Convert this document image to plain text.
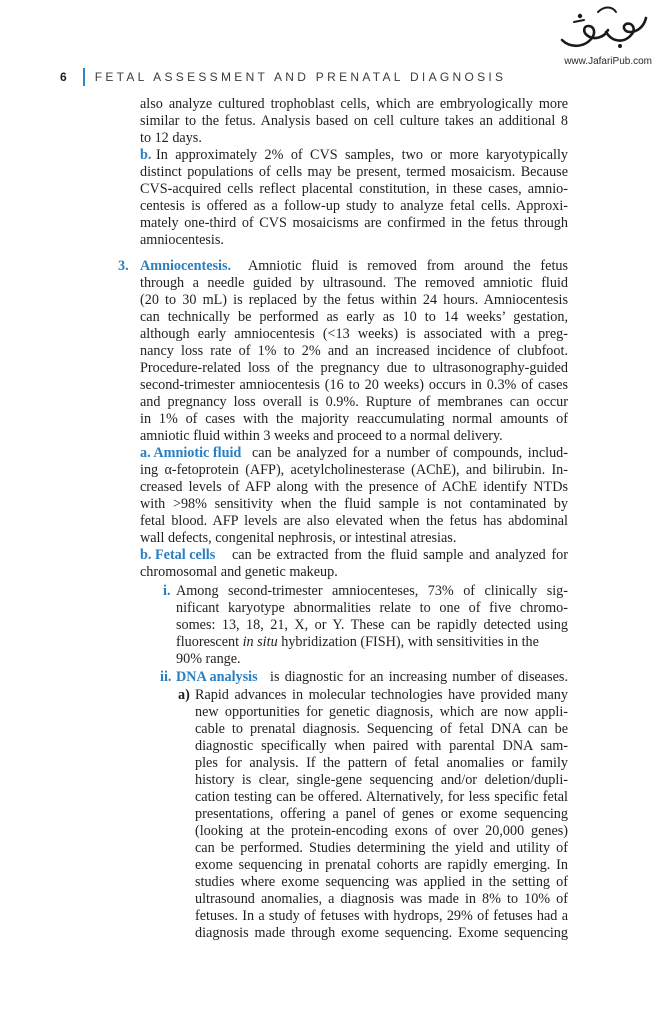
www.JafariPub.com
6 FETAL ASSESSMENT AND PRENATAL DIAGNOSIS
also analyze cultured trophoblast cells, which are embryologically more
similar to the fetus. Analysis based on cell culture takes an additional 8
to 12 days.
b. In approximately 2% of CVS samples, two or more karyotypically
distinct populations of cells may be present, termed mosaicism. Because
CVS-acquired cells reflect placental constitution, in these cases, amnio-
centesis is offered as a follow-up study to analyze fetal cells. Approxi-
mately one-third of CVS mosaicisms are confirmed in the fetus through
amniocentesis.
3. Amniocentesis. Amniotic fluid is removed from around the fetus
through a needle guided by ultrasound. The removed amniotic fluid
(20 to 30 mL) is replaced by the fetus within 24 hours. Amniocentesis
can technically be performed as early as 10 to 14 weeks’ gestation,
although early amniocentesis (<13 weeks) is associated with a preg-
nancy loss rate of 1% to 2% and an increased incidence of clubfoot.
Procedure-related loss of the pregnancy due to ultrasonography-guided
second-trimester amniocentesis (16 to 20 weeks) occurs in 0.3% of cases
and pregnancy loss overall is 0.9%. Rupture of membranes can occur
in 1% of cases with the majority reaccumulating normal amounts of
amniotic fluid within 3 weeks and proceed to a normal delivery.
a. Amniotic fluid can be analyzed for a number of compounds, includ-
ing α-fetoprotein (AFP), acetylcholinesterase (AChE), and bilirubin. In-
creased levels of AFP along with the presence of AChE identify NTDs
with >98% sensitivity when the fluid sample is not contaminated by
fetal blood. AFP levels are also elevated when the fetus has abdominal
wall defects, congenital nephrosis, or intestinal atresias.
b. Fetal cells can be extracted from the fluid sample and analyzed for
chromosomal and genetic makeup.
i. Among second-trimester amniocenteses, 73% of clinically sig-
nificant karyotype abnormalities relate to one of five chromo-
somes: 13, 18, 21, X, or Y. These can be rapidly detected using
fluorescent in situ hybridization (FISH), with sensitivities in the
90% range.
ii. DNA analysis is diagnostic for an increasing number of diseases.
a) Rapid advances in molecular technologies have provided many
new opportunities for genetic diagnosis, which are now appli-
cable to prenatal diagnosis. Sequencing of fetal DNA can be
diagnostic specifically when paired with parental DNA sam-
ples for analysis. If the pattern of fetal anomalies or family
history is clear, single-gene sequencing and/or deletion/dupli-
cation testing can be offered. Alternatively, for less specific fetal
presentations, offering a panel of genes or exome sequencing
(looking at the protein-encoding exons of over 20,000 genes)
can be performed. Studies determining the yield and utility of
exome sequencing in prenatal cohorts are rapidly emerging. In
studies where exome sequencing was applied in the setting of
ultrasound anomalies, a diagnosis was made in 8% to 10% of
fetuses. In a study of fetuses with hydrops, 29% of fetuses had a
diagnosis made through exome sequencing. Exome sequencing
